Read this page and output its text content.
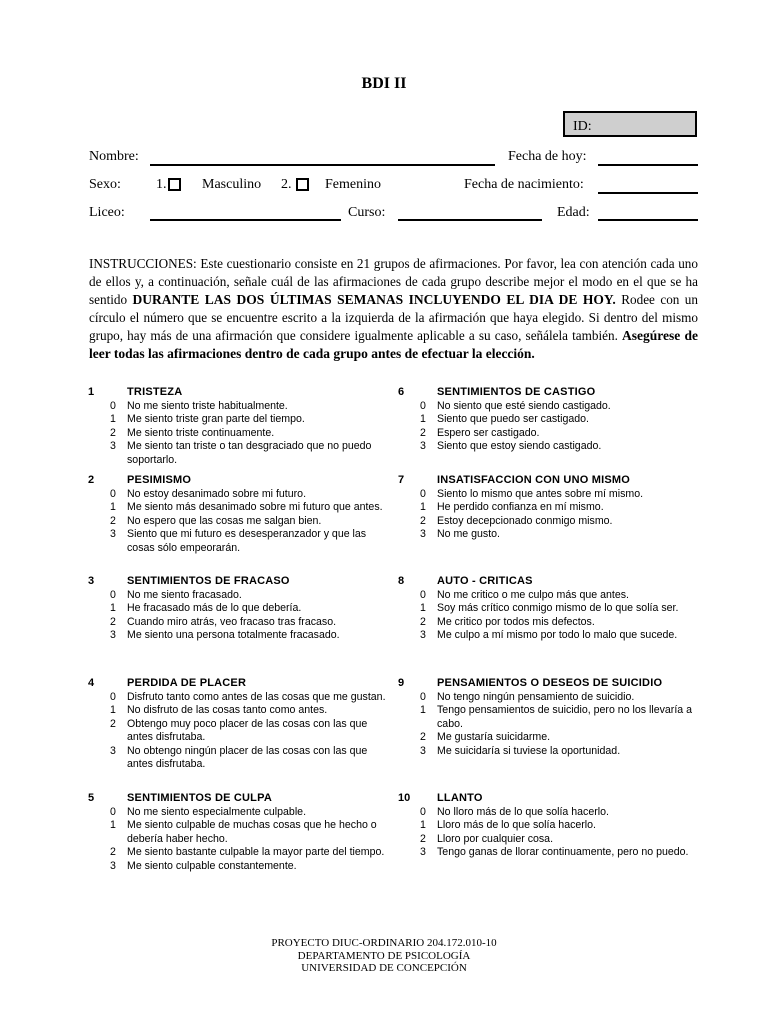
BDI II
ID:
Nombre:	Fecha de hoy:
Sexo:	1.	Masculino 2. Femenino	Fecha de nacimiento:
Liceo:	Curso:	Edad:
INSTRUCCIONES: Este cuestionario consiste en 21 grupos de afirmaciones. Por favor, lea con atención cada uno de ellos y, a continuación, señale cuál de las afirmaciones de cada grupo describe mejor el modo en el que se ha sentido DURANTE LAS DOS ÚLTIMAS SEMANAS INCLUYENDO EL DIA DE HOY. Rodee con un círculo el número que se encuentre escrito a la izquierda de la afirmación que haya elegido. Si dentro del mismo grupo, hay más de una afirmación que considere igualmente aplicable a su caso, señálela también. Asegúrese de leer todas las afirmaciones dentro de cada grupo antes de efectuar la elección.
1	TRISTEZA
0 No me siento triste habitualmente.
1 Me siento triste gran parte del tiempo.
2 Me siento triste continuamente.
3 Me siento tan triste o tan desgraciado que no puedo soportarlo.
2	PESIMISMO
0 No estoy desanimado sobre mi futuro.
1 Me siento más desanimado sobre mi futuro que antes.
2 No espero que las cosas me salgan bien.
3 Siento que mi futuro es desesperanzador y que las cosas sólo empeorarán.
3	SENTIMIENTOS DE FRACASO
0 No me siento fracasado.
1 He fracasado más de lo que debería.
2 Cuando miro atrás, veo fracaso tras fracaso.
3 Me siento una persona totalmente fracasado.
4	PERDIDA DE PLACER
0 Disfruto tanto como antes de las cosas que me gustan.
1 No disfruto de las cosas tanto como antes.
2 Obtengo muy poco placer de las cosas con las que antes disfrutaba.
3 No obtengo ningún placer de las cosas con las que antes disfrutaba.
5	SENTIMIENTOS DE CULPA
0 No me siento especialmente culpable.
1 Me siento culpable de muchas cosas que he hecho o debería haber hecho.
2 Me siento bastante culpable la mayor parte del tiempo.
3 Me siento culpable constantemente.
6	SENTIMIENTOS DE CASTIGO
0 No siento que esté siendo castigado.
1 Siento que puedo ser castigado.
2 Espero ser castigado.
3 Siento que estoy siendo castigado.
7	INSATISFACCION CON UNO MISMO
0 Siento lo mismo que antes sobre mí mismo.
1 He perdido confianza en mí mismo.
2 Estoy decepcionado conmigo mismo.
3 No me gusto.
8	AUTO - CRITICAS
0 No me critico o me culpo más que antes.
1 Soy más crítico conmigo mismo de lo que solía ser.
2 Me critico por todos mis defectos.
3 Me culpo a mí mismo por todo lo malo que sucede.
9	PENSAMIENTOS O DESEOS DE SUICIDIO
0 No tengo ningún pensamiento de suicidio.
1 Tengo pensamientos de suicidio, pero no los llevaría a cabo.
2 Me gustaría suicidarme.
3 Me suicidaría si tuviese la oportunidad.
10 LLANTO
0 No lloro más de lo que solía hacerlo.
1 Lloro más de lo que solía hacerlo.
2 Lloro por cualquier cosa.
3 Tengo ganas de llorar continuamente, pero no puedo.
PROYECTO DIUC-ORDINARIO 204.172.010-10
DEPARTAMENTO DE PSICOLOGÍA
UNIVERSIDAD DE CONCEPCIÓN
